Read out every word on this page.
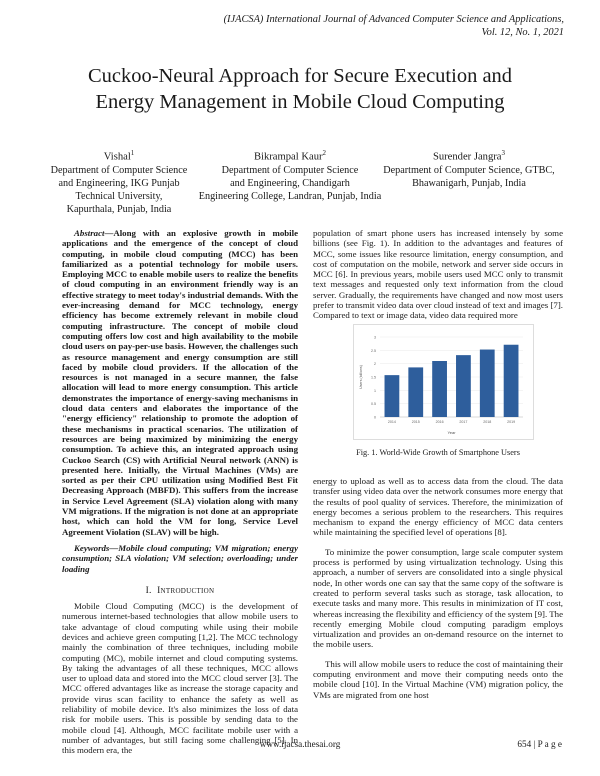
(IJACSA) International Journal of Advanced Computer Science and Applications,
Vol. 12, No. 1, 2021
Cuckoo-Neural Approach for Secure Execution and
Energy Management in Mobile Cloud Computing
Vishal$^1$
Department of Computer Science
and Engineering, IKG Punjab
Technical University,
Kapurthala, Punjab, India
Bikrampal Kaur$^2$
Department of Computer Science
and Engineering, Chandigarh
Engineering College, Landran, Punjab, India
Surender Jangra$^3$
Department of Computer Science, GTBC,
Bhawanigarh, Punjab, India

Abstract—Along with an explosive growth in mobile applications and the emergence of the concept of cloud computing, in mobile cloud computing (MCC) has been familiarized as a potential technology for mobile users. Employing MCC to enable mobile users to realize the benefits of cloud computing in an environment friendly way is an effective strategy to meet today's industrial demands. With the ever-increasing demand for MCC technology, energy efficiency has become extremely relevant in mobile cloud computing infrastructure. The concept of mobile cloud computing offers low cost and high availability to the mobile cloud users on pay-per-use basis. However, the challenges such as resource management and energy consumption are still faced by mobile cloud providers. If the allocation of the resources is not managed in a secure manner, the false allocation will lead to more energy consumption. This article demonstrates the importance of energy-saving mechanisms in cloud data centers and elaborates the importance of the "energy efficiency" relationship to promote the adoption of these mechanisms in practical scenarios. The utilization of resources are being maximized by minimizing the energy consumption. To achieve this, an integrated approach using Cuckoo Search (CS) with Artificial Neural network (ANN) is presented here. Initially, the Virtual Machines (VMs) are sorted as per their CPU utilization using Modified Best Fit Decreasing Approach (MBFD). This suffers from the increase in Service Level Agreement (SLA) violation along with many VM migrations. If the migration is not done at an appropriate host, which can hold the VM for long, Service Level Agreement Violation (SLAV) will be high.

Keywords—Mobile cloud computing; VM migration; energy consumption; SLA violation; VM selection; overloading; under loading

I. Introduction

Mobile Cloud Computing (MCC) is the development of numerous internet-based technologies that allow mobile users to take advantage of cloud computing while using their mobile devices and achieve green computing [1,2]. The MCC technology mainly the combination of three techniques, including mobile computing (MC), mobile internet and cloud computing systems. By taking the advantages of all these techniques, MCC allows user to upload data and stored into the MCC cloud server [3]. The MCC offered advantages like as increase the storage capacity and provide virus scan facility to enhance the safety as well as reliability of mobile device. It's also minimizes the loss of data risk for mobile users. This is possible by sending data to the mobile cloud [4]. Although, MCC facilitate mobile user with a number of advantages, but still facing some challenging [5]. In this modern era, the

population of smart phone users has increased intensely by some billions (see Fig. 1). In addition to the advantages and features of MCC, some issues like resource limitation, energy consumption, and cost of computation on the mobile, network and server side occurs in MCC [6]. In previous years, mobile users used MCC only to transmit text messages and requested only text information from the cloud server. Gradually, the requirements have changed and now most users prefer to transmit video data over cloud instead of text and images [7]. Compared to text or image data, video data required more

3
2.5
2
1.5
1
0.5
0
2014	2015	2016	2017	2018	2019
Year
Users (billions)
Fig. 1. World-Wide Growth of Smartphone Users

energy to upload as well as to access data from the cloud. The data transfer using video data over the network consumes more energy that the results of pool quality of services. Therefore, the minimization of energy becomes a serious problem to the researchers. This requires mechanism to expand the energy efficiency of MCC data centers while maintaining the specified level of operations [8].

To minimize the power consumption, large scale computer system process is performed by using virtualization technology. Using this approach, a number of servers are consolidated into a single physical node, In other words one can say that the same copy of the software is created to perform several tasks such as storage, task allocation, to execute tasks and many more. This results in minimization of IT cost, whereas increasing the flexibility and efficiency of the system [9]. The recently emerging Mobile cloud computing paradigm employs virtualization and provides an on-demand resource on the internet to the mobile users.

This will allow mobile users to reduce the cost of maintaining their computing environment and move their computing needs onto the mobile cloud [10]. In the Virtual Machine (VM) migration policy, the VMs are migrated from one host

www.ijacsa.thesai.org	654 | P a g e
